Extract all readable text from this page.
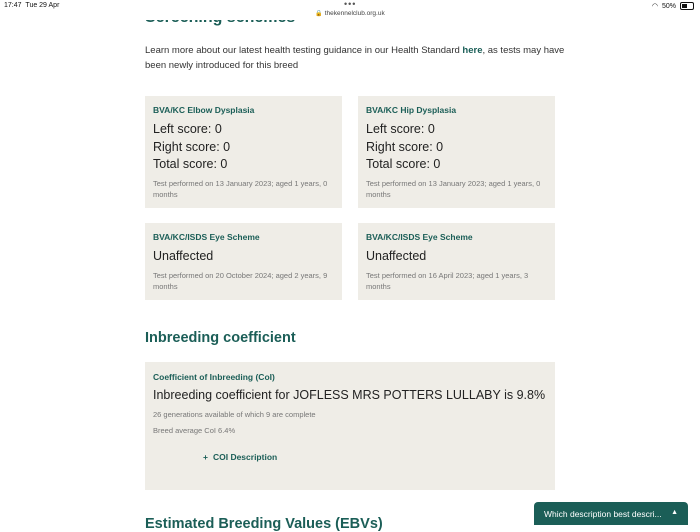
17:47 Tue 29 Apr	•••
🔒 thekennelclub.org.uk
◠ 50%

Learn more about our latest health testing guidance in our Health Standard here, as tests may have been newly introduced for this breed

BVA/KC Elbow Dysplasia

Left score: 0

Right score: 0

Total score: 0

Test performed on 13 January 2023; aged 1 years, 0 months

BVA/KC Hip Dysplasia

Left score: 0

Right score: 0

Total score: 0

Test performed on 13 January 2023; aged 1 years, 0 months

BVA/KC/ISDS Eye Scheme

Unaffected

Test performed on 20 October 2024; aged 2 years, 9 months

BVA/KC/ISDS Eye Scheme

Unaffected

Test performed on 16 April 2023; aged 1 years, 3 months

Inbreeding coefficient

Coefficient of Inbreeding (CoI)

Inbreeding coefficient for JOFLESS MRS POTTERS LULLABY is 9.8%

26 generations available of which 9 are complete

Breed average CoI 6.4%

+ COI Description
Estimated Breeding Values (EBVs)
Which description best descri... ▲
